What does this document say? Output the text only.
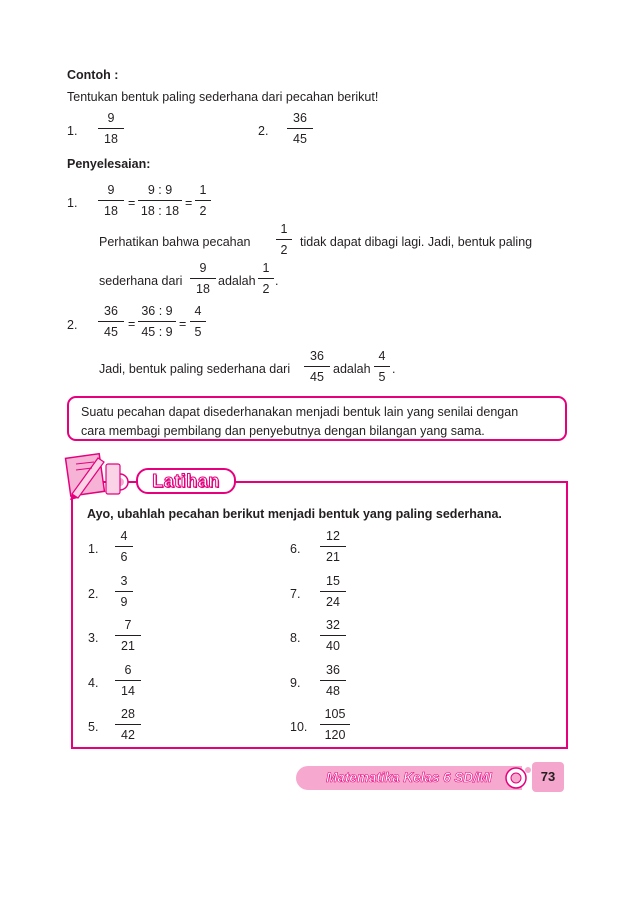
Contoh :
Tentukan bentuk paling sederhana dari pecahan berikut!
1.
9
18
2.
36
45
Penyelesaian:
1.
9
18
=
9 : 9
18 : 18
=
1
2
Perhatikan bahwa pecahan
1
2
tidak dapat dibagi lagi. Jadi, bentuk paling
sederhana dari
9
18
adalah
1
2
.
2.
36
45
=
36 : 9
45 : 9
=
4
5
Jadi, bentuk paling sederhana dari
36
45
adalah
4
5
.
Suatu pecahan dapat disederhanakan menjadi bentuk lain yang senilai dengan
cara membagi pembilang dan penyebutnya dengan bilangan yang sama.
Latihan
Ayo, ubahlah pecahan berikut menjadi bentuk yang paling sederhana.
1.
4
6
2.
3
9
3.
7
21
4.
6
14
5.
28
42
6.
12
21
7.
15
24
8.
32
40
9.
36
48
10.
105
120
Matematika Kelas 6 SD/MI	73
